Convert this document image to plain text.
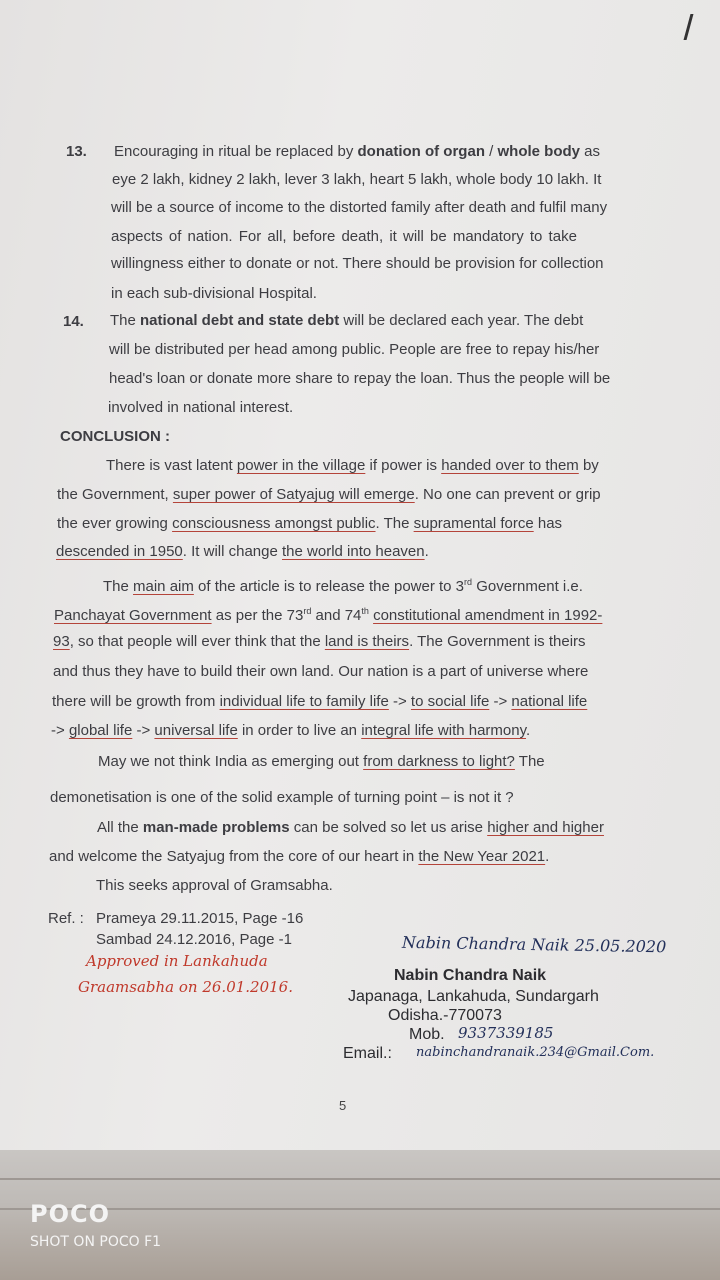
13. Encouraging in ritual be replaced by donation of organ / whole body as
eye 2 lakh, kidney 2 lakh, lever 3 lakh, heart 5 lakh, whole body 10 lakh. It
will be a source of income to the distorted family after death and fulfil many
aspects of nation. For all, before death, it will be mandatory to take
willingness either to donate or not. There should be provision for collection
in each sub-divisional Hospital.
14. The national debt and state debt will be declared each year. The debt
will be distributed per head among public. People are free to repay his/her
head's loan or donate more share to repay the loan. Thus the people will be
involved in national interest.
CONCLUSION :
There is vast latent power in the village if power is handed over to them by
the Government, super power of Satyajug will emerge. No one can prevent or grip
the ever growing consciousness amongst public. The supramental force has
descended in 1950. It will change the world into heaven.
The main aim of the article is to release the power to 3rd Government i.e.
Panchayat Government as per the 73rd and 74th constitutional amendment in 1992-
93, so that people will ever think that the land is theirs. The Government is theirs
and thus they have to build their own land. Our nation is a part of universe where
there will be growth from individual life to family life -> to social life -> national life
-> global life -> universal life in order to live an integral life with harmony.
May we not think India as emerging out from darkness to light? The
demonetisation is one of the solid example of turning point – is not it ?
All the man-made problems can be solved so let us arise higher and higher
and welcome the Satyajug from the core of our heart in the New Year 2021.
This seeks approval of Gramsabha.
Ref. : Prameya 29.11.2015, Page -16
Sambad 24.12.2016, Page -1
Approved in Lankahuda
Graamsabha on 26.01.2016.
Nabin Chandra Naik 25.05.2020
Nabin Chandra Naik
Japanaga, Lankahuda, Sundargarh
Odisha.-770073
Mob. 9337339185
Email.: nabinchandranaik.234@Gmail.Com.
5
POCO
SHOT ON POCO F1
